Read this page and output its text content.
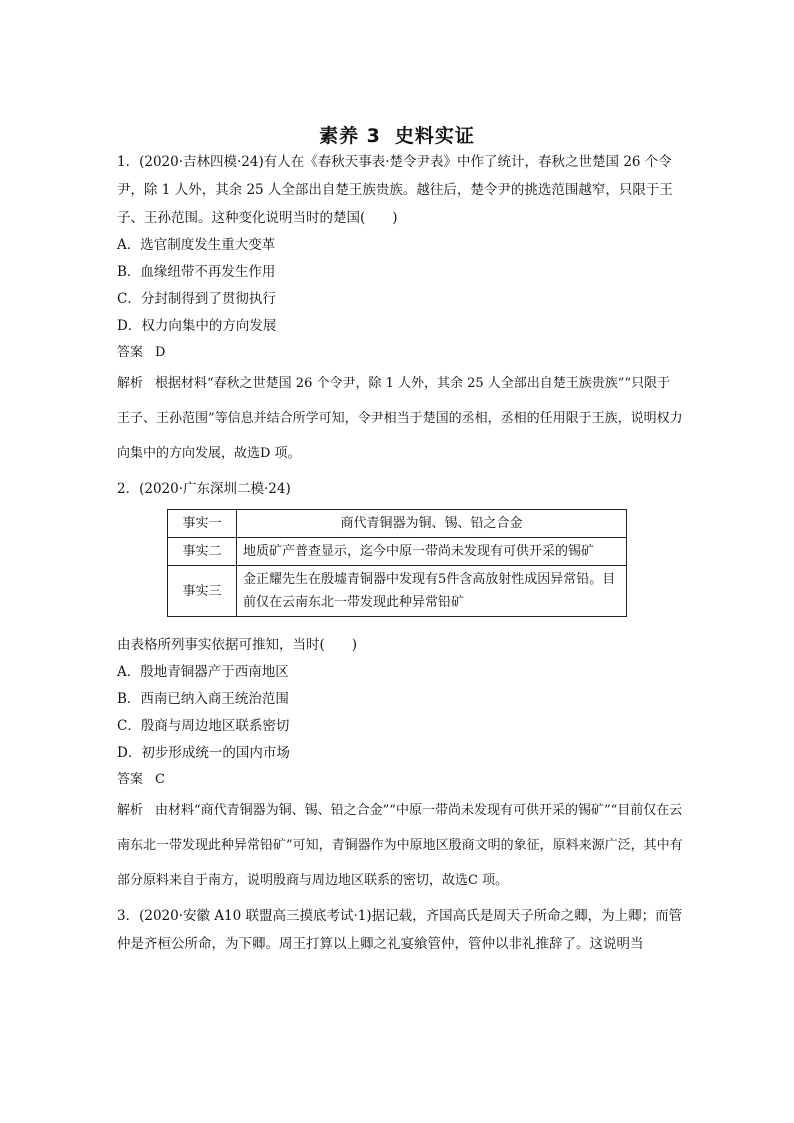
素养 3 史料实证

1．(2020·吉林四模·24)有人在《春秋天事表·楚令尹表》中作了统计，春秋之世楚国 26 个令尹，除 1 人外，其余 25 人全部出自楚王族贵族。越往后，楚令尹的挑选范围越窄，只限于王子、王孙范围。这种变化说明当时的楚国(　　)

A．选官制度发生重大变革

B．血缘纽带不再发生作用

C．分封制得到了贯彻执行

D．权力向集中的方向发展

答案 D

解析 根据材料“春秋之世楚国 26 个令尹，除 1 人外，其余 25 人全部出自楚王族贵族”“只限于王子、王孙范围”等信息并结合所学可知，令尹相当于楚国的丞相，丞相的任用限于王族，说明权力向集中的方向发展，故选D 项。

2．(2020·广东深圳二模·24)

事实一	商代青铜器为铜、锡、铅之合金
事实二	地质矿产普查显示，迄今中原一带尚未发现有可供开采的锡矿
事实三	金正耀先生在殷墟青铜器中发现有5件含高放射性成因异常铅。目前仅在云南东北一带发现此种异常铅矿

由表格所列事实依据可推知，当时(　　)

A．殷地青铜器产于西南地区

B．西南已纳入商王统治范围

C．殷商与周边地区联系密切

D．初步形成统一的国内市场

答案 C

解析 由材料“商代青铜器为铜、锡、铅之合金”“中原一带尚未发现有可供开采的锡矿”“目前仅在云南东北一带发现此种异常铅矿”可知，青铜器作为中原地区殷商文明的象征，原料来源广泛，其中有部分原料来自于南方，说明殷商与周边地区联系的密切，故选C 项。

3．(2020·安徽 A10 联盟高三摸底考试·1)据记载，齐国高氏是周天子所命之卿，为上卿；而管仲是齐桓公所命，为下卿。周王打算以上卿之礼宴飨管仲，管仲以非礼推辞了。这说明当
